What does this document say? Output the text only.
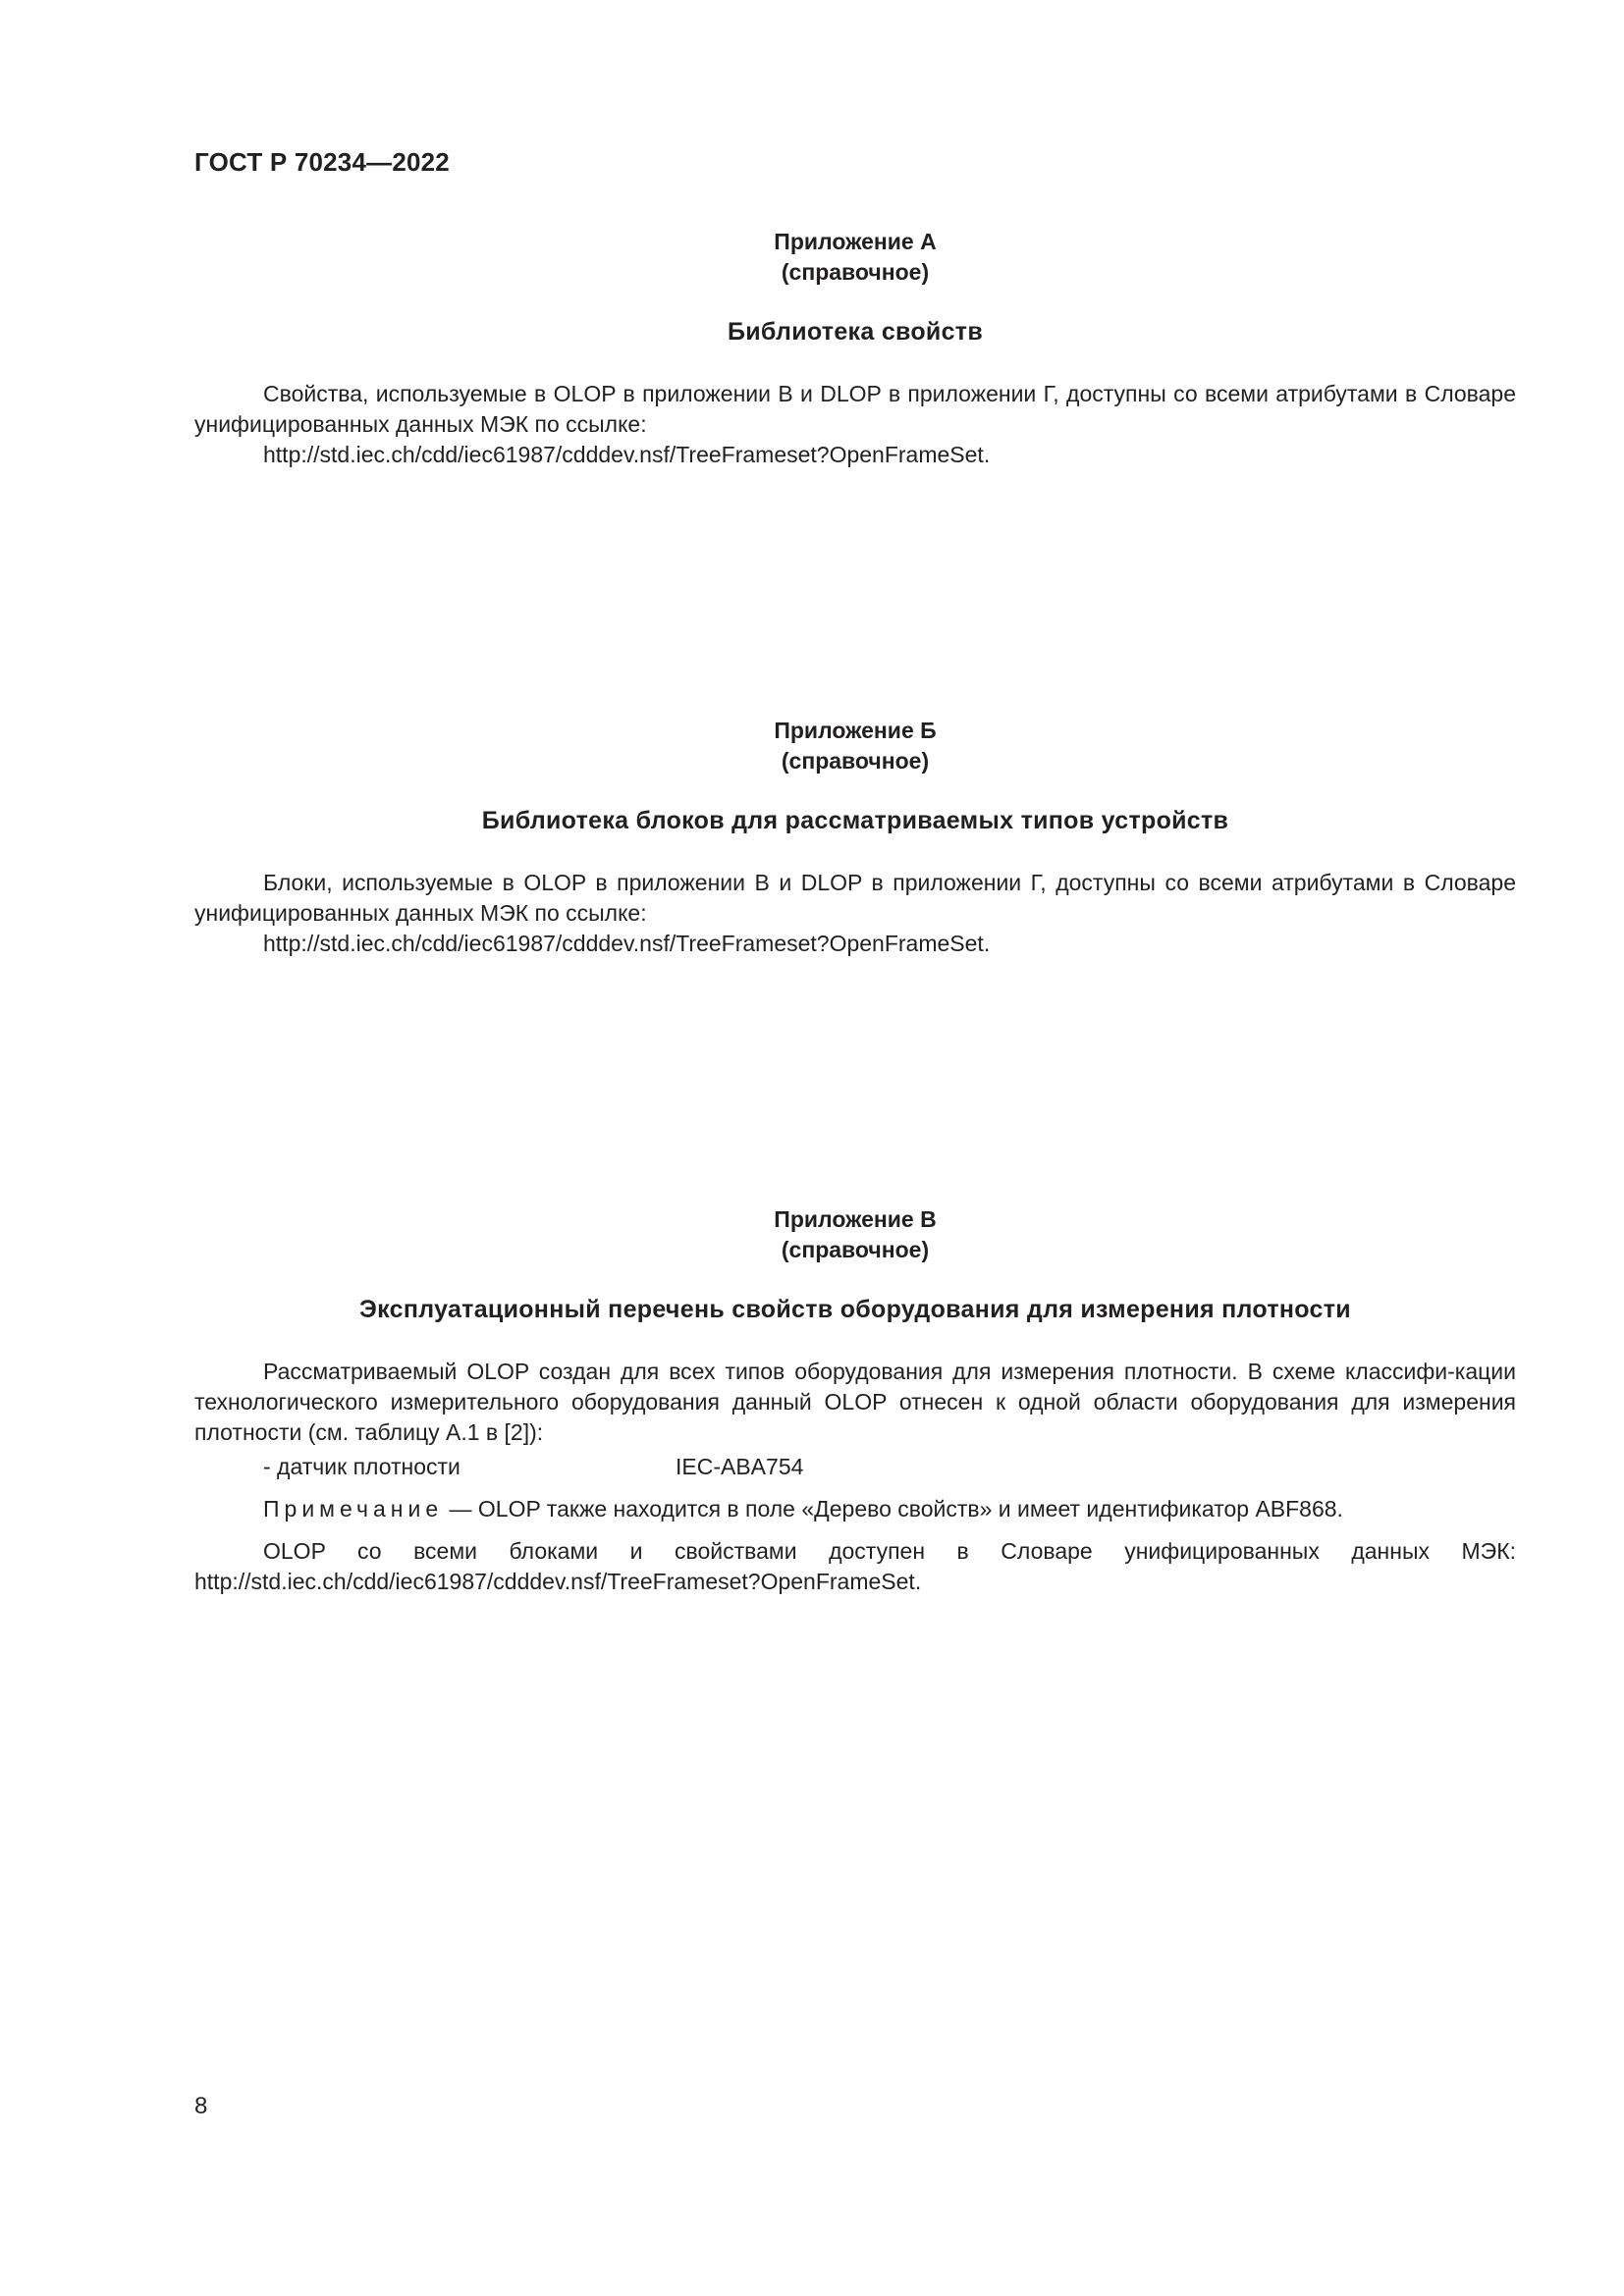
ГОСТ Р 70234—2022

Приложение А

(справочное)

Библиотека свойств

Свойства, используемые в OLOP в приложении В и DLOP в приложении Г, доступны со всеми атрибутами в Словаре унифицированных данных МЭК по ссылке:

http://std.iec.ch/cdd/iec61987/cdddev.nsf/TreeFrameset?OpenFrameSet.

Приложение Б

(справочное)

Библиотека блоков для рассматриваемых типов устройств

Блоки, используемые в OLOP в приложении В и DLOP в приложении Г, доступны со всеми атрибутами в Словаре унифицированных данных МЭК по ссылке:

http://std.iec.ch/cdd/iec61987/cdddev.nsf/TreeFrameset?OpenFrameSet.

Приложение В

(справочное)

Эксплуатационный перечень свойств оборудования для измерения плотности

Рассматриваемый OLOP создан для всех типов оборудования для измерения плотности. В схеме классифи-кации технологического измерительного оборудования данный OLOP отнесен к одной области оборудования для измерения плотности (см. таблицу А.1 в [2]):

- датчик плотности	IEC-ABA754

Примечание — OLOP также находится в поле «Дерево свойств» и имеет идентификатор ABF868.

OLOP со всеми блоками и свойствами доступен в Словаре унифицированных данных МЭК: http://std.iec.ch/cdd/iec61987/cdddev.nsf/TreeFrameset?OpenFrameSet.

8
